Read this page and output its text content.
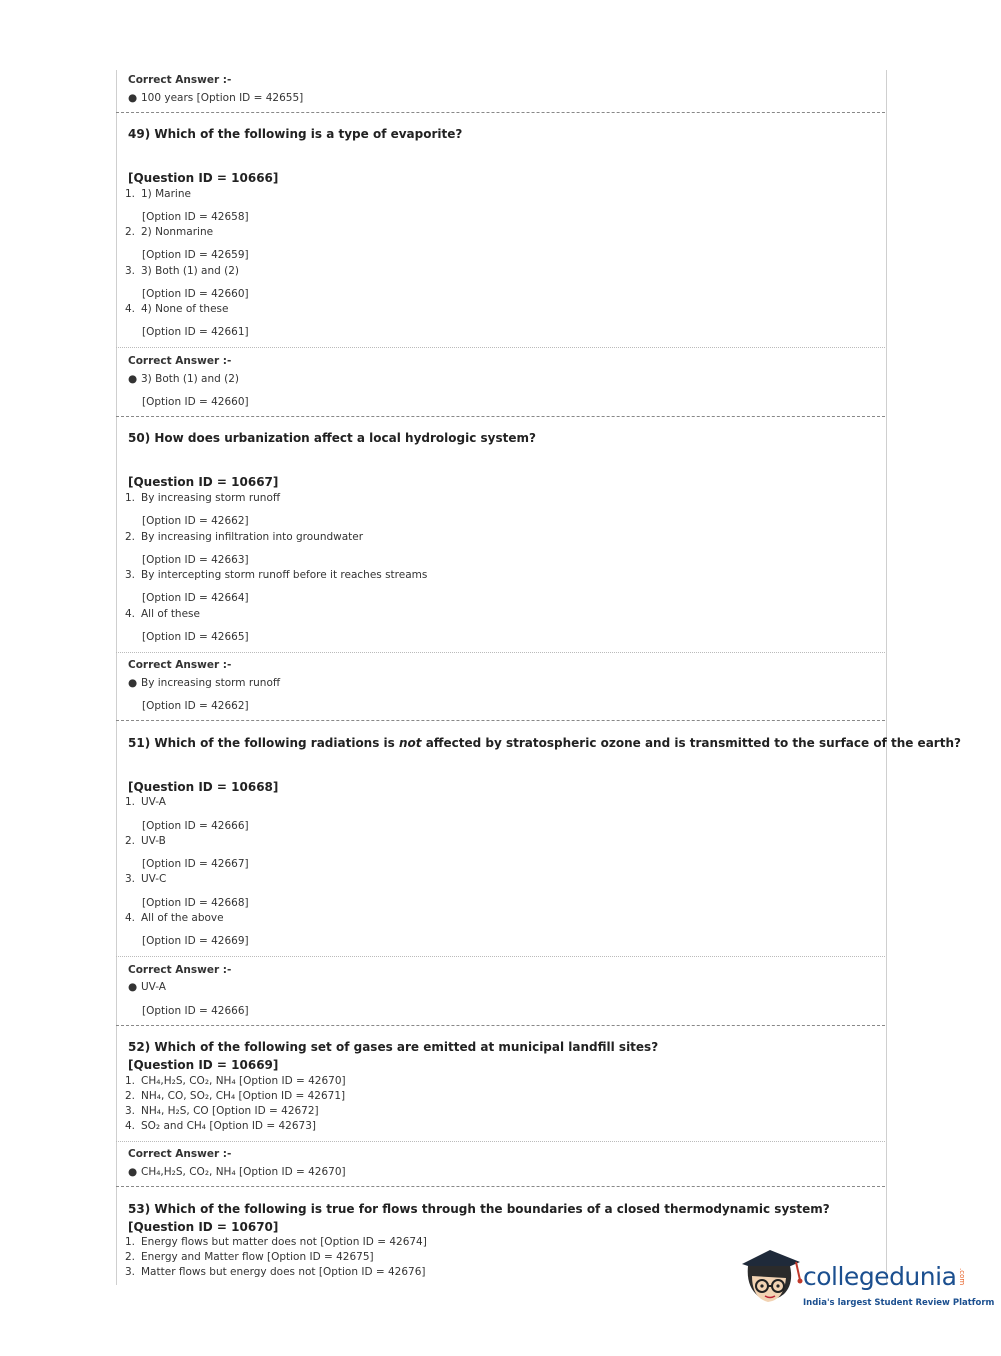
Correct Answer :-
● 100 years [Option ID = 42655]
49) Which of the following is a type of evaporite?
[Question ID = 10666]
1. 1) Marine
[Option ID = 42658]
2. 2) Nonmarine
[Option ID = 42659]
3. 3) Both (1) and (2)
[Option ID = 42660]
4. 4) None of these
[Option ID = 42661]
Correct Answer :-
● 3) Both (1) and (2)
[Option ID = 42660]
50) How does urbanization affect a local hydrologic system?
[Question ID = 10667]
1. By increasing storm runoff
[Option ID = 42662]
2. By increasing infiltration into groundwater
[Option ID = 42663]
3. By intercepting storm runoff before it reaches streams
[Option ID = 42664]
4. All of these
[Option ID = 42665]
Correct Answer :-
● By increasing storm runoff
[Option ID = 42662]
51) Which of the following radiations is not affected by stratospheric ozone and is transmitted to the surface of the earth?
[Question ID = 10668]
1. UV-A
[Option ID = 42666]
2. UV-B
[Option ID = 42667]
3. UV-C
[Option ID = 42668]
4. All of the above
[Option ID = 42669]
Correct Answer :-
● UV-A
[Option ID = 42666]
52) Which of the following set of gases are emitted at municipal landfill sites?
[Question ID = 10669]
1. CH₄,H₂S, CO₂, NH₄ [Option ID = 42670]
2. NH₄, CO, SO₂, CH₄ [Option ID = 42671]
3. NH₄, H₂S, CO [Option ID = 42672]
4. SO₂ and CH₄ [Option ID = 42673]
Correct Answer :-
● CH₄,H₂S, CO₂, NH₄ [Option ID = 42670]
53) Which of the following is true for flows through the boundaries of a closed thermodynamic system?
[Question ID = 10670]
1. Energy flows but matter does not [Option ID = 42674]
2. Energy and Matter flow [Option ID = 42675]
3. Matter flows but energy does not [Option ID = 42676]	collegedunia .com
India's largest Student Review Platform
